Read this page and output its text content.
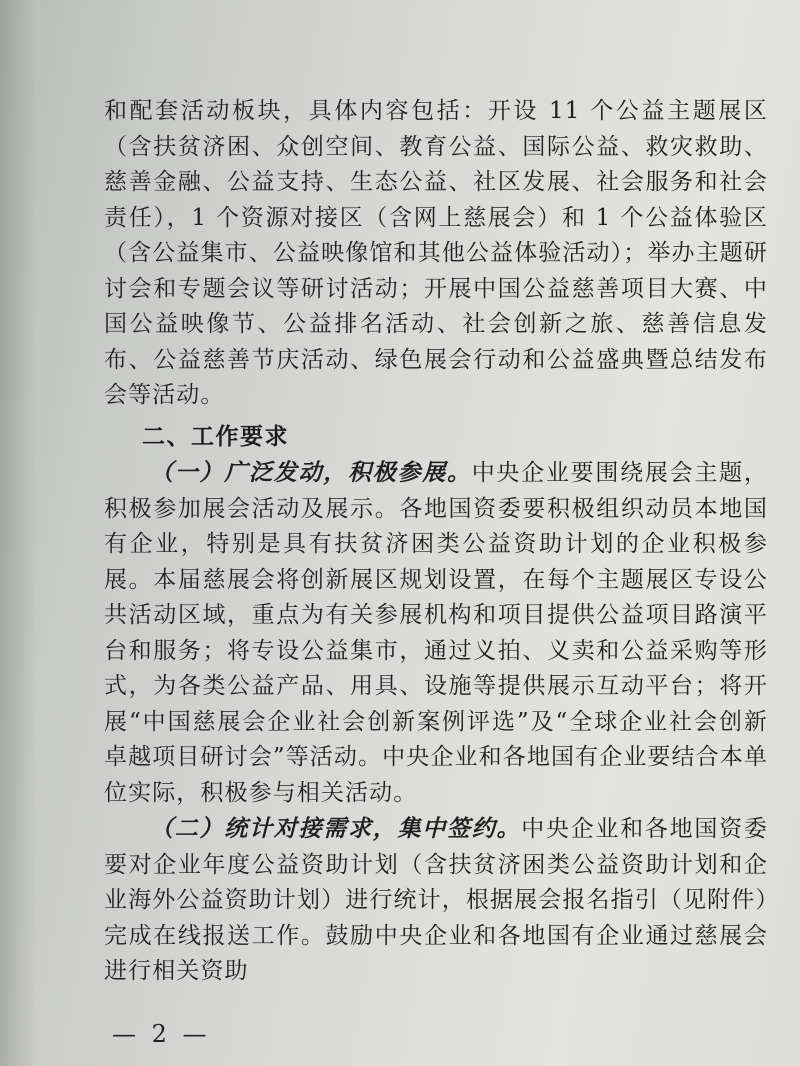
和配套活动板块，具体内容包括：开设 11 个公益主题展区（含扶贫济困、众创空间、教育公益、国际公益、救灾救助、慈善金融、公益支持、生态公益、社区发展、社会服务和社会责任），1 个资源对接区（含网上慈展会）和 1 个公益体验区（含公益集市、公益映像馆和其他公益体验活动）；举办主题研讨会和专题会议等研讨活动；开展中国公益慈善项目大赛、中国公益映像节、公益排名活动、社会创新之旅、慈善信息发布、公益慈善节庆活动、绿色展会行动和公益盛典暨总结发布会等活动。

二、工作要求

（一）广泛发动，积极参展。中央企业要围绕展会主题，积极参加展会活动及展示。各地国资委要积极组织动员本地国有企业，特别是具有扶贫济困类公益资助计划的企业积极参展。本届慈展会将创新展区规划设置，在每个主题展区专设公共活动区域，重点为有关参展机构和项目提供公益项目路演平台和服务；将专设公益集市，通过义拍、义卖和公益采购等形式，为各类公益产品、用具、设施等提供展示互动平台；将开展“中国慈展会企业社会创新案例评选”及“全球企业社会创新卓越项目研讨会”等活动。中央企业和各地国有企业要结合本单位实际，积极参与相关活动。

（二）统计对接需求，集中签约。中央企业和各地国资委要对企业年度公益资助计划（含扶贫济困类公益资助计划和企业海外公益资助计划）进行统计，根据展会报名指引（见附件）完成在线报送工作。鼓励中央企业和各地国有企业通过慈展会进行相关资助

— 2 —
